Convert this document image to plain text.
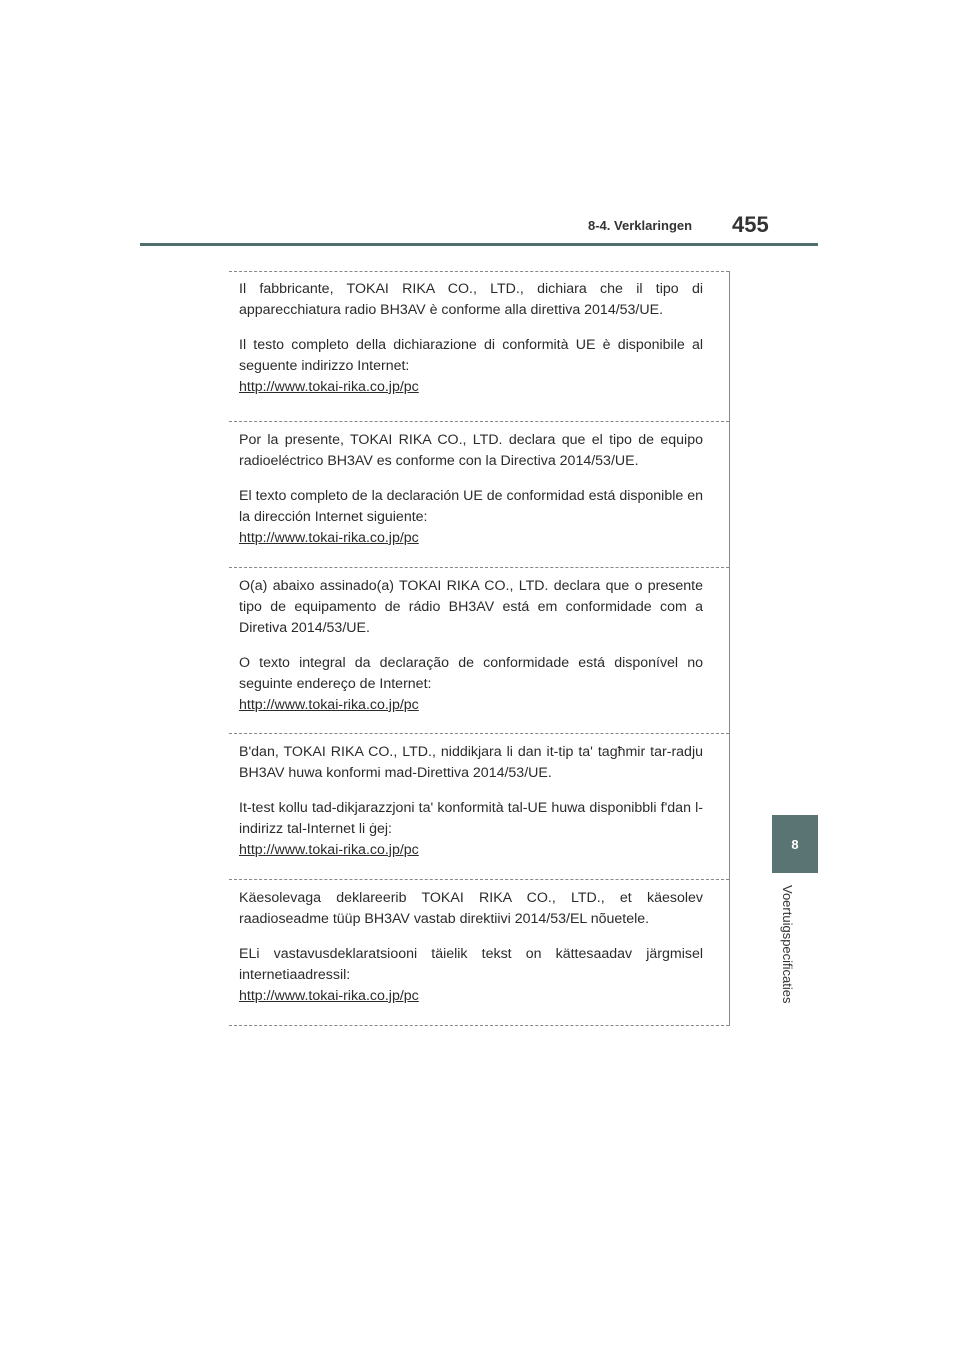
8-4. Verklaringen 455
8
Voertuigspecificaties

Il fabbricante, TOKAI RIKA CO., LTD., dichiara che il tipo di apparecchiatura radio BH3AV è conforme alla direttiva 2014/53/UE.

Il testo completo della dichiarazione di conformità UE è disponibile al seguente indirizzo Internet:

http://www.tokai-rika.co.jp/pc

Por la presente, TOKAI RIKA CO., LTD. declara que el tipo de equipo radioeléctrico BH3AV es conforme con la Directiva 2014/53/UE.

El texto completo de la declaración UE de conformidad está disponible en la dirección Internet siguiente:

http://www.tokai-rika.co.jp/pc

O(a) abaixo assinado(a) TOKAI RIKA CO., LTD. declara que o presente tipo de equipamento de rádio BH3AV está em conformidade com a Diretiva 2014/53/UE.

O texto integral da declaração de conformidade está disponível no seguinte endereço de Internet:

http://www.tokai-rika.co.jp/pc

B'dan, TOKAI RIKA CO., LTD., niddikjara li dan it-tip ta' tagħmir tar-radju BH3AV huwa konformi mad-Direttiva 2014/53/UE.

It-test kollu tad-dikjarazzjoni ta' konformità tal-UE huwa disponibbli f'dan l-indirizz tal-Internet li ġej:

http://www.tokai-rika.co.jp/pc

Käesolevaga deklareerib TOKAI RIKA CO., LTD., et käesolev raadioseadme tüüp BH3AV vastab direktiivi 2014/53/EL nõuetele.

ELi vastavusdeklaratsiooni täielik tekst on kättesaadav järgmisel internetiaadressil:

http://www.tokai-rika.co.jp/pc
